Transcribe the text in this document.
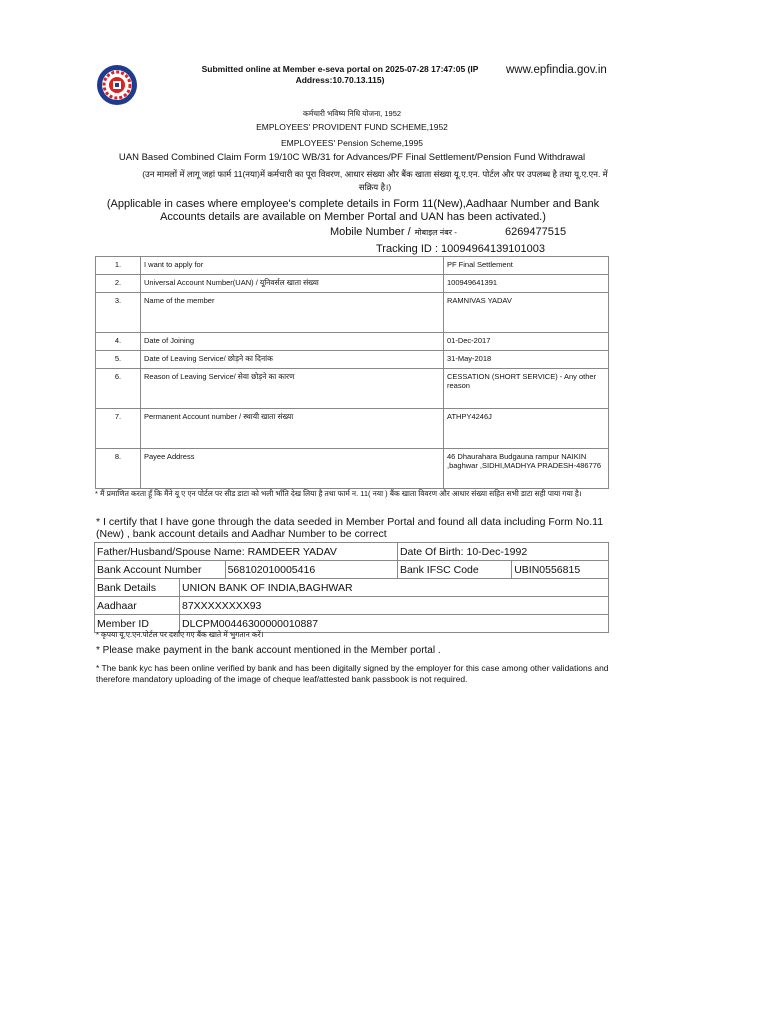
Submitted online at Member e-seva portal on 2025-07-28 17:47:05 (IP Address:10.70.13.115)
www.epfindia.gov.in
कर्मचारी भविष्य निधि योजना, 1952
EMPLOYEES' PROVIDENT FUND SCHEME,1952
EMPLOYEES' Pension Scheme,1995
UAN Based Combined Claim Form 19/10C WB/31 for Advances/PF Final Settlement/Pension Fund Withdrawal
(उन मामलों में लागू जहां फार्म 11(नया)में कर्मचारी का पूरा विवरण, आधार संख्या और बैंक खाता संख्या यू.ए.एन. पोर्टल और पर उपलब्ध है तथा यू.ए.एन. में सक्रिय है।)
(Applicable in cases where employee's complete details in Form 11(New),Aadhaar Number and Bank Accounts details are available on Member Portal and UAN has been activated.)
Mobile Number / मोबाइल नंबर -	6269477515
Tracking ID : 10094964139101003
1.	I want to apply for	PF Final Settlement
2.	Universal Account Number(UAN) / यूनिवर्सल खाता संख्या	100949641391
3.	Name of the member	RAMNIVAS YADAV
4.	Date of Joining	01-Dec-2017
5.	Date of Leaving Service/ छोड़ने का दिनांक	31-May-2018
6.	Reason of Leaving Service/ सेवा छोड़ने का कारण	CESSATION (SHORT SERVICE) - Any other reason
7.	Permanent Account number / स्थायी खाता संख्या	ATHPY4246J
8.	Payee Address	46 Dhaurahara Budgauna rampur NAIKIN ,baghwar ,SIDHI,MADHYA PRADESH-486776
* मैं प्रमाणित करता हूँ कि मैंने यू ए एन पोर्टल पर सीड डाटा को भली भाँति देख लिया है तथा फार्म न. 11( नया ) बैंक खाता विवरण और आधार संख्या सहित सभी डाटा सही पाया गया है।
* I certify that I have gone through the data seeded in Member Portal and found all data including Form No.11 (New) , bank account details and Aadhar Number to be correct
Father/Husband/Spouse Name: RAMDEER YADAV			Date Of Birth: 10-Dec-1992	
Bank Account Number		568102010005416	Bank IFSC Code	UBIN0556815
Bank Details	UNION BANK OF INDIA,BAGHWAR			
Aadhaar	87XXXXXXXX93			
Member ID	DLCPM00446300000010887			
* कृपया यू.ए.एन.पोर्टल पर दर्शाए गए बैंक खाते में भुगतान करें।
* Please make payment in the bank account mentioned in the Member portal .
* The bank kyc has been online verified by bank and has been digitally signed by the employer for this case among other validations and therefore mandatory uploading of the image of cheque leaf/attested bank passbook is not required.
